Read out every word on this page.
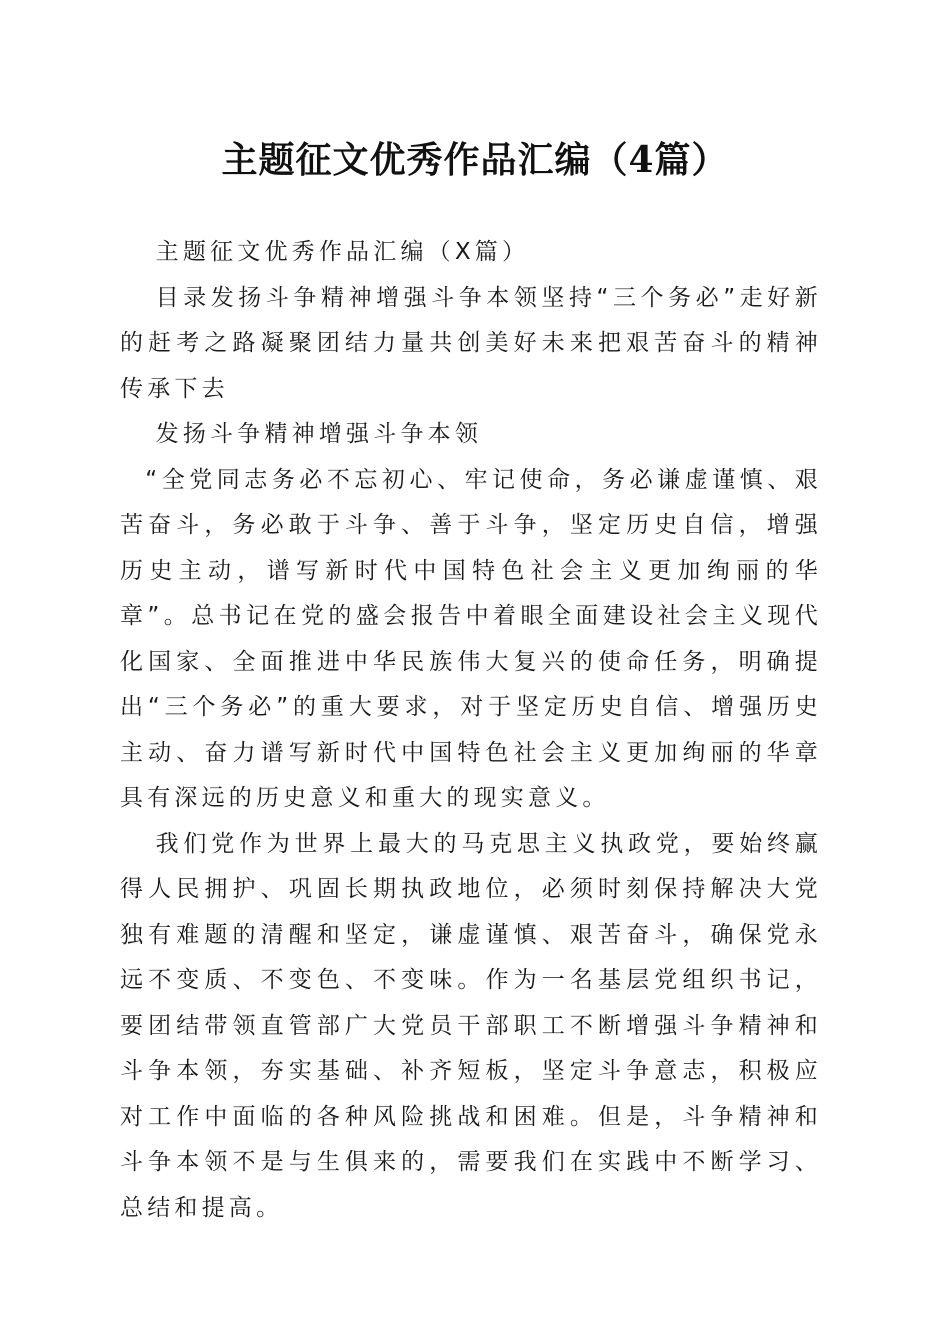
主题征文优秀作品汇编（4篇）

主题征文优秀作品汇编（X篇）

目录发扬斗争精神增强斗争本领坚持“三个务必”走好新的赶考之路凝聚团结力量共创美好未来把艰苦奋斗的精神传承下去

发扬斗争精神增强斗争本领

“全党同志务必不忘初心、牢记使命，务必谦虚谨慎、艰苦奋斗，务必敢于斗争、善于斗争，坚定历史自信，增强历史主动，谱写新时代中国特色社会主义更加绚丽的华章”。总书记在党的盛会报告中着眼全面建设社会主义现代化国家、全面推进中华民族伟大复兴的使命任务，明确提出“三个务必”的重大要求，对于坚定历史自信、增强历史主动、奋力谱写新时代中国特色社会主义更加绚丽的华章具有深远的历史意义和重大的现实意义。

我们党作为世界上最大的马克思主义执政党，要始终赢得人民拥护、巩固长期执政地位，必须时刻保持解决大党独有难题的清醒和坚定，谦虚谨慎、艰苦奋斗，确保党永远不变质、不变色、不变味。作为一名基层党组织书记，要团结带领直管部广大党员干部职工不断增强斗争精神和斗争本领，夯实基础、补齐短板，坚定斗争意志，积极应对工作中面临的各种风险挑战和困难。但是，斗争精神和斗争本领不是与生俱来的，需要我们在实践中不断学习、总结和提高。
